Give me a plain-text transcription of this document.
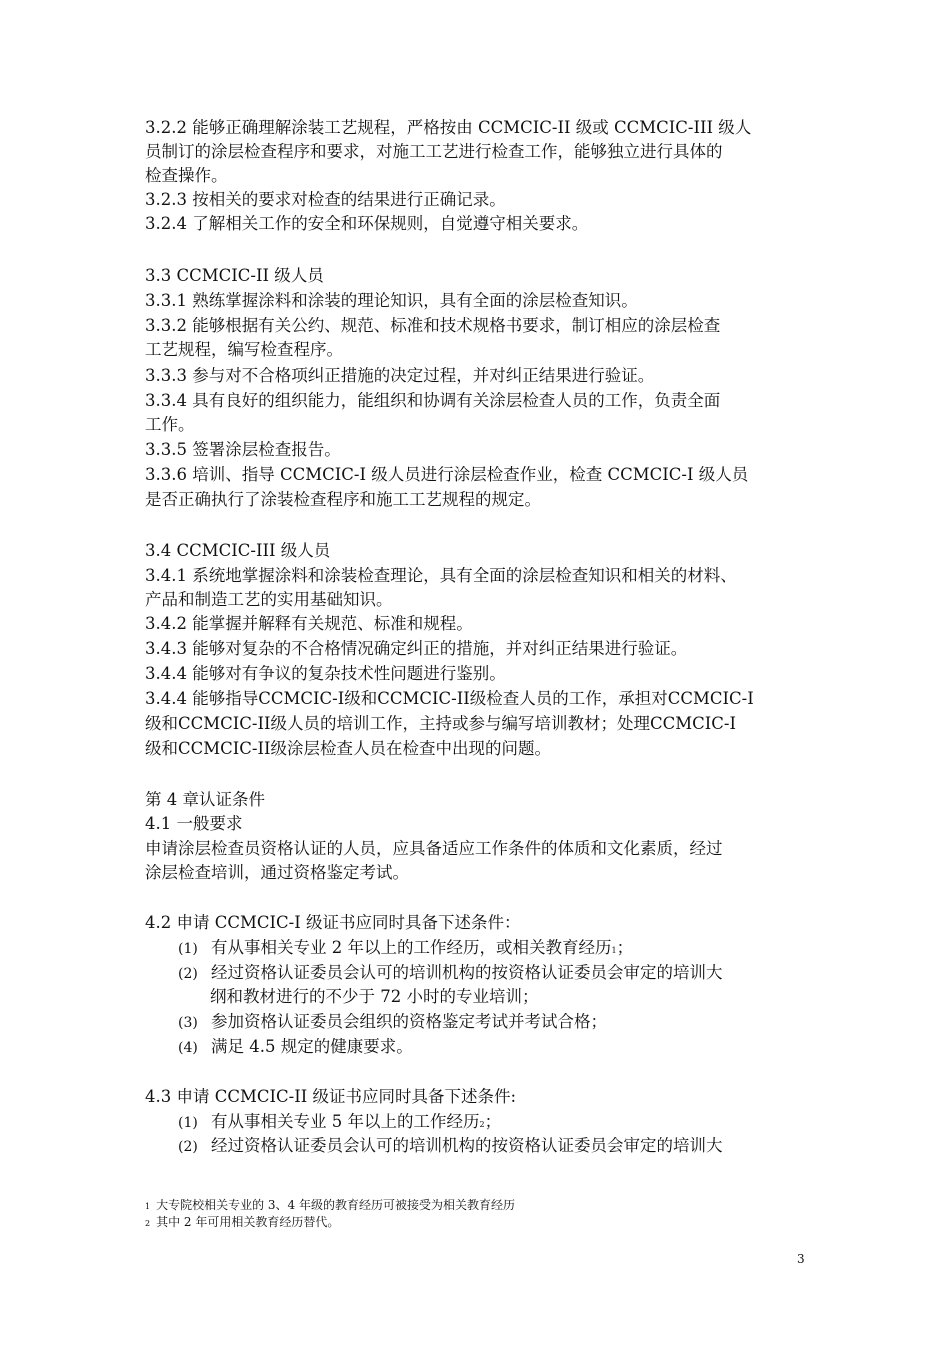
3.2.2 能够正确理解涂装工艺规程，严格按由 CCMCIC-II 级或 CCMCIC-III 级人
员制订的涂层检查程序和要求，对施工工艺进行检查工作，能够独立进行具体的
检查操作。
3.2.3 按相关的要求对检查的结果进行正确记录。
3.2.4 了解相关工作的安全和环保规则，自觉遵守相关要求。
3.3 CCMCIC-II 级人员
3.3.1 熟练掌握涂料和涂装的理论知识，具有全面的涂层检查知识。
3.3.2 能够根据有关公约、规范、标准和技术规格书要求，制订相应的涂层检查
工艺规程，编写检查程序。
3.3.3 参与对不合格项纠正措施的决定过程，并对纠正结果进行验证。
3.3.4 具有良好的组织能力，能组织和协调有关涂层检查人员的工作，负责全面
工作。
3.3.5 签署涂层检查报告。
3.3.6 培训、指导 CCMCIC-I 级人员进行涂层检查作业，检查 CCMCIC-I 级人员
是否正确执行了涂装检查程序和施工工艺规程的规定。
3.4 CCMCIC-III 级人员
3.4.1 系统地掌握涂料和涂装检查理论，具有全面的涂层检查知识和相关的材料、
产品和制造工艺的实用基础知识。
3.4.2 能掌握并解释有关规范、标准和规程。
3.4.3 能够对复杂的不合格情况确定纠正的措施，并对纠正结果进行验证。
3.4.4 能够对有争议的复杂技术性问题进行鉴别。
3.4.4 能够指导CCMCIC-I级和CCMCIC-II级检查人员的工作，承担对CCMCIC-I
级和CCMCIC-II级人员的培训工作，主持或参与编写培训教材；处理CCMCIC-I
级和CCMCIC-II级涂层检查人员在检查中出现的问题。
第 4 章认证条件
4.1 一般要求
申请涂层检查员资格认证的人员，应具备适应工作条件的体质和文化素质，经过
涂层检查培训，通过资格鉴定考试。
4.2 申请 CCMCIC-I 级证书应同时具备下述条件：
(1) 有从事相关专业 2 年以上的工作经历，或相关教育经历1；
(2) 经过资格认证委员会认可的培训机构的按资格认证委员会审定的培训大
纲和教材进行的不少于 72 小时的专业培训；
(3) 参加资格认证委员会组织的资格鉴定考试并考试合格；
(4) 满足 4.5 规定的健康要求。
4.3 申请 CCMCIC-II 级证书应同时具备下述条件:
(1) 有从事相关专业 5 年以上的工作经历2；
(2) 经过资格认证委员会认可的培训机构的按资格认证委员会审定的培训大
1 大专院校相关专业的 3、4 年级的教育经历可被接受为相关教育经历
2 其中 2 年可用相关教育经历替代。
3
